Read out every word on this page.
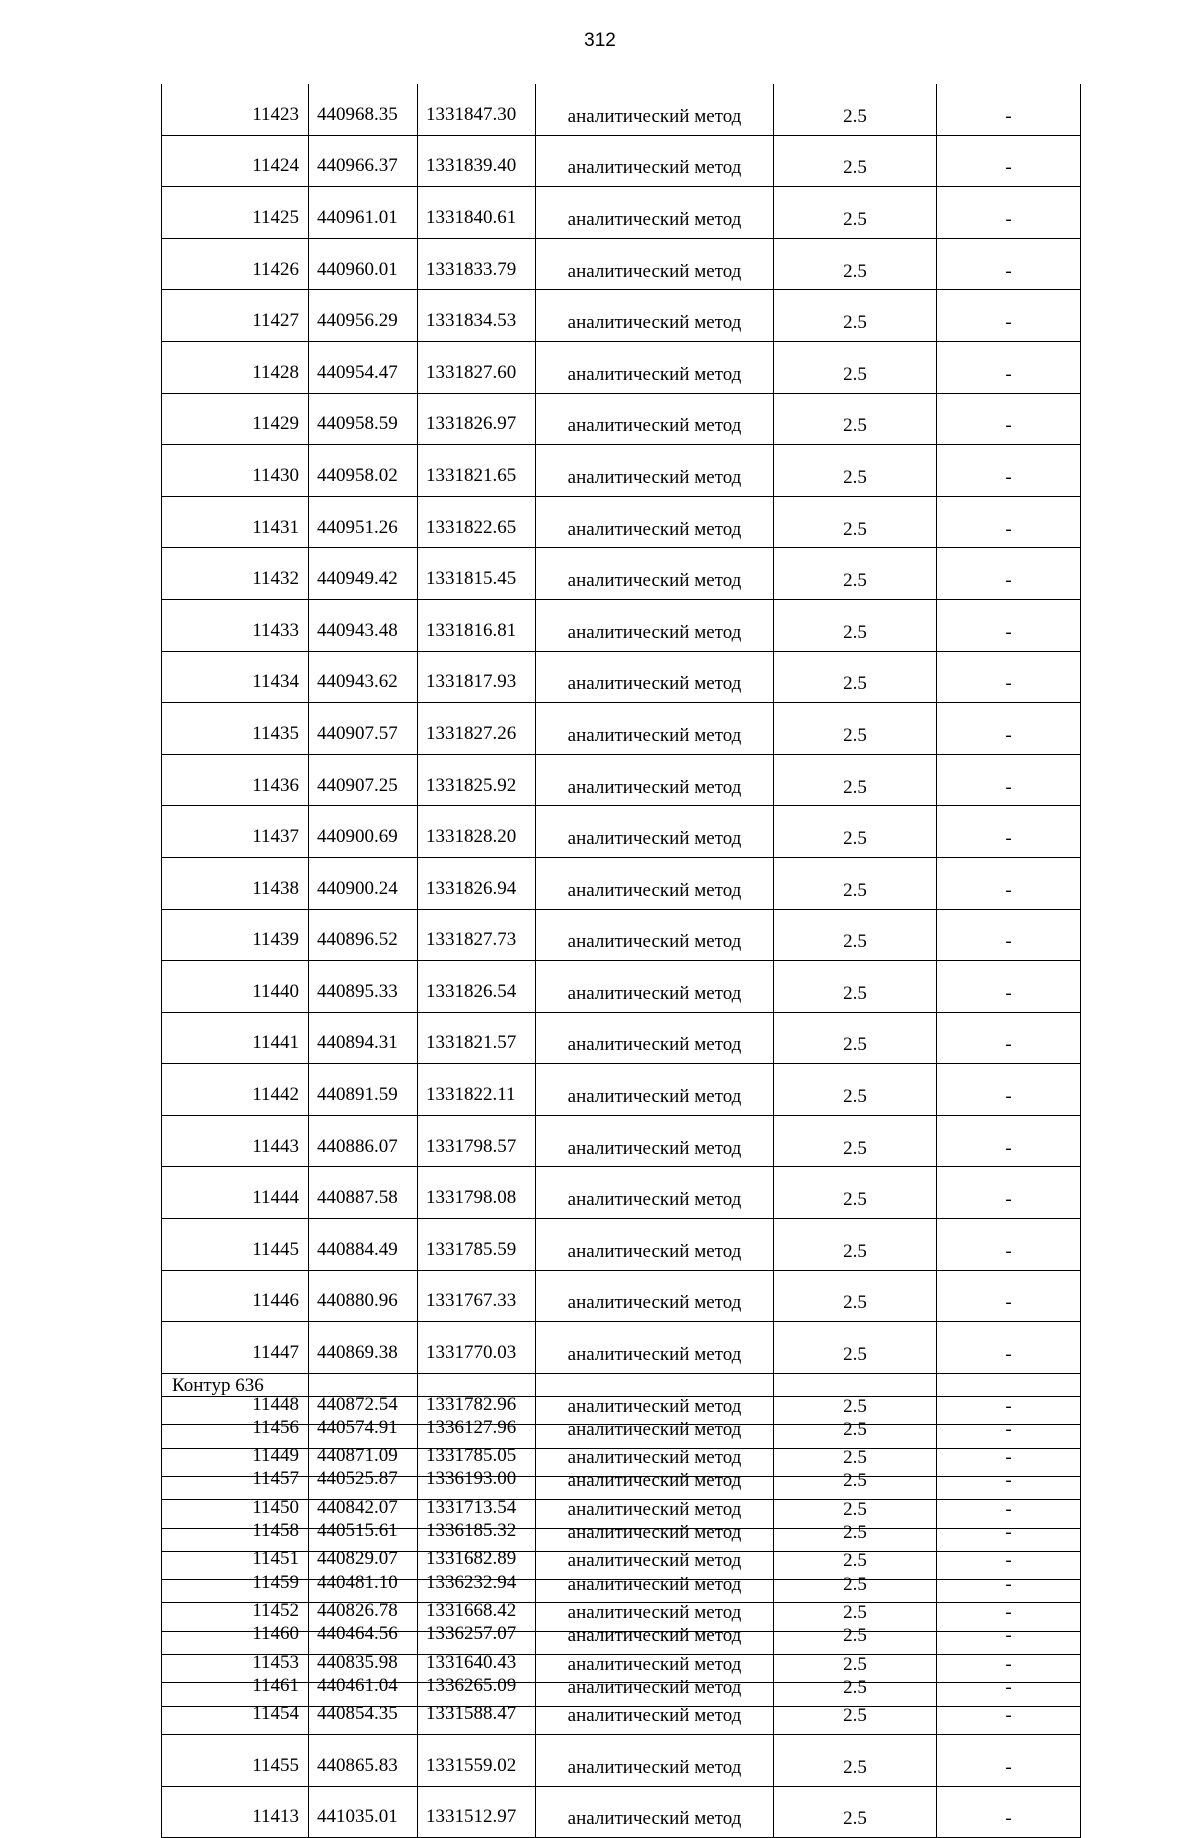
312
11423	440968.35	1331847.30	аналитический метод	2.5	-
11424	440966.37	1331839.40	аналитический метод	2.5	-
11425	440961.01	1331840.61	аналитический метод	2.5	-
11426	440960.01	1331833.79	аналитический метод	2.5	-
11427	440956.29	1331834.53	аналитический метод	2.5	-
11428	440954.47	1331827.60	аналитический метод	2.5	-
11429	440958.59	1331826.97	аналитический метод	2.5	-
11430	440958.02	1331821.65	аналитический метод	2.5	-
11431	440951.26	1331822.65	аналитический метод	2.5	-
11432	440949.42	1331815.45	аналитический метод	2.5	-
11433	440943.48	1331816.81	аналитический метод	2.5	-
11434	440943.62	1331817.93	аналитический метод	2.5	-
11435	440907.57	1331827.26	аналитический метод	2.5	-
11436	440907.25	1331825.92	аналитический метод	2.5	-
11437	440900.69	1331828.20	аналитический метод	2.5	-
11438	440900.24	1331826.94	аналитический метод	2.5	-
11439	440896.52	1331827.73	аналитический метод	2.5	-
11440	440895.33	1331826.54	аналитический метод	2.5	-
11441	440894.31	1331821.57	аналитический метод	2.5	-
11442	440891.59	1331822.11	аналитический метод	2.5	-
11443	440886.07	1331798.57	аналитический метод	2.5	-
11444	440887.58	1331798.08	аналитический метод	2.5	-
11445	440884.49	1331785.59	аналитический метод	2.5	-
11446	440880.96	1331767.33	аналитический метод	2.5	-
11447	440869.38	1331770.03	аналитический метод	2.5	-
11448	440872.54	1331782.96	аналитический метод	2.5	-
11449	440871.09	1331785.05	аналитический метод	2.5	-
11450	440842.07	1331713.54	аналитический метод	2.5	-
11451	440829.07	1331682.89	аналитический метод	2.5	-
11452	440826.78	1331668.42	аналитический метод	2.5	-
11453	440835.98	1331640.43	аналитический метод	2.5	-
11454	440854.35	1331588.47	аналитический метод	2.5	-
11455	440865.83	1331559.02	аналитический метод	2.5	-
11413	441035.01	1331512.97	аналитический метод	2.5	-
Контур 636
11456	440574.91	1336127.96	аналитический метод	2.5	-
11457	440525.87	1336193.00	аналитический метод	2.5	-
11458	440515.61	1336185.32	аналитический метод	2.5	-
11459	440481.10	1336232.94	аналитический метод	2.5	-
11460	440464.56	1336257.07	аналитический метод	2.5	-
11461	440461.04	1336265.09	аналитический метод	2.5	-
